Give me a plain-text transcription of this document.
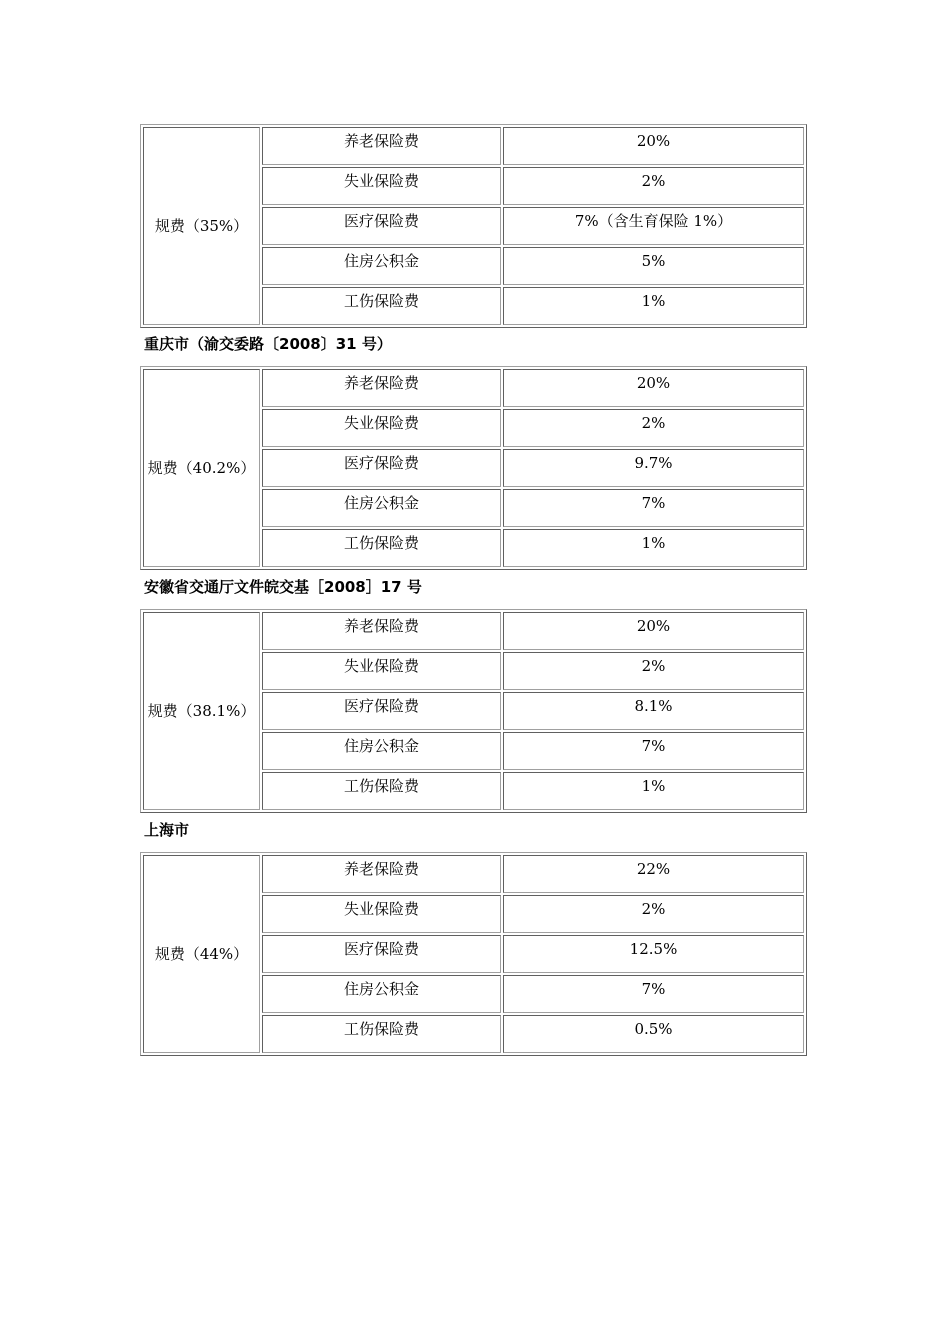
规费（35%）	养老保险费	20%
	失业保险费	2%
	医疗保险费	7%（含生育保险 1%）
	住房公积金	5%
	工伤保险费	1%
重庆市（渝交委路〔2008〕31 号）
规费（40.2%）	养老保险费	20%
	失业保险费	2%
	医疗保险费	9.7%
	住房公积金	7%
	工伤保险费	1%
安徽省交通厅文件皖交基［2008］17 号
规费（38.1%）	养老保险费	20%
	失业保险费	2%
	医疗保险费	8.1%
	住房公积金	7%
	工伤保险费	1%
上海市
规费（44%）	养老保险费	22%
	失业保险费	2%
	医疗保险费	12.5%
	住房公积金	7%
	工伤保险费	0.5%
